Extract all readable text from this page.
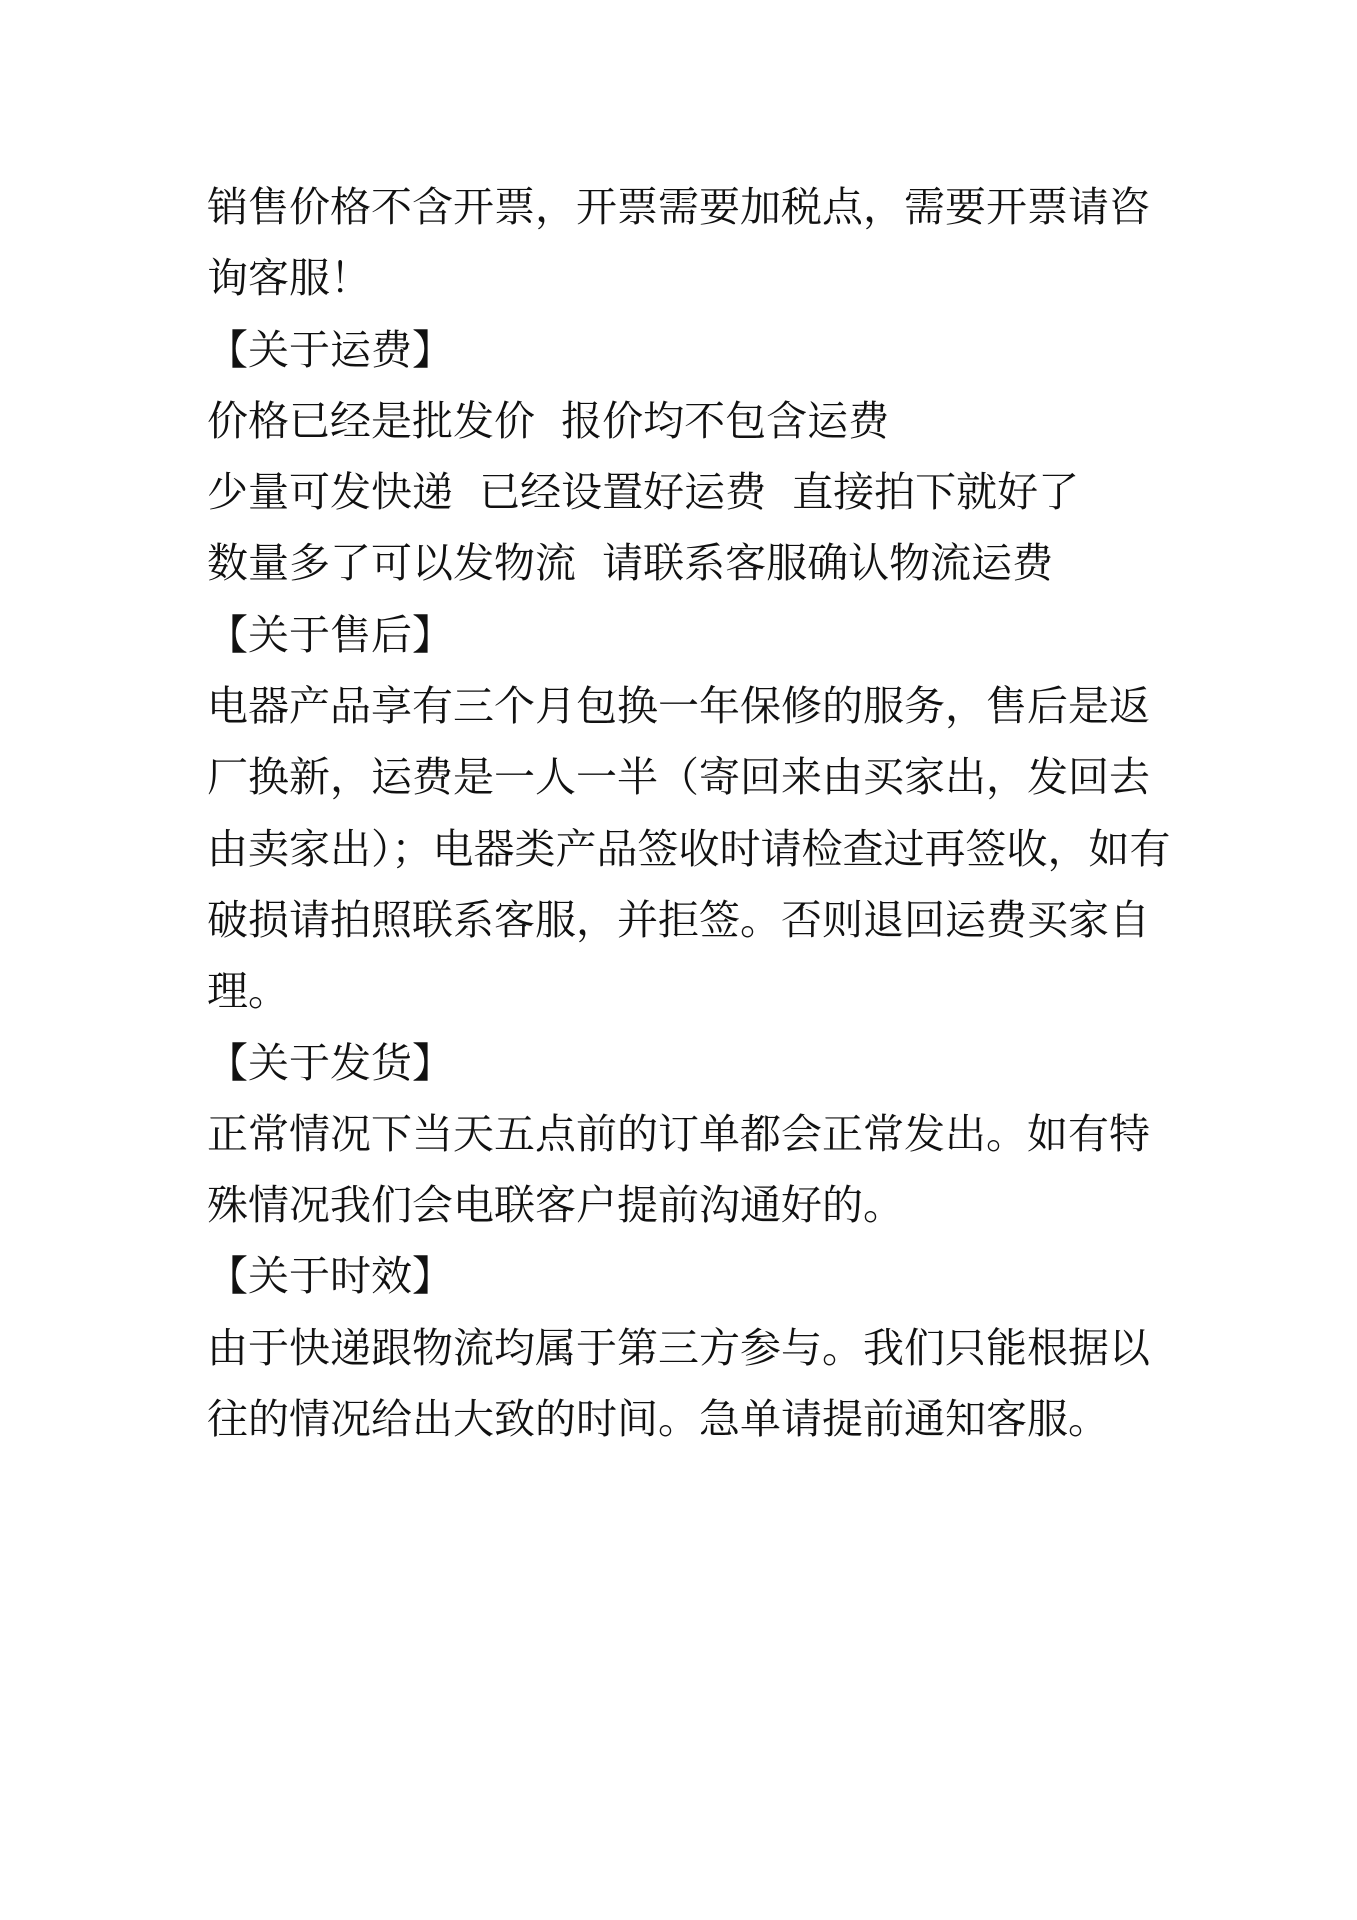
销售价格不含开票，开票需要加税点，需要开票请咨
询客服！
【关于运费】
价格已经是批发价  报价均不包含运费
少量可发快递  已经设置好运费  直接拍下就好了
数量多了可以发物流  请联系客服确认物流运费
【关于售后】
电器产品享有三个月包换一年保修的服务，售后是返
厂换新，运费是一人一半（寄回来由买家出，发回去
由卖家出）；电器类产品签收时请检查过再签收，如有
破损请拍照联系客服，并拒签。否则退回运费买家自
理。
【关于发货】
正常情况下当天五点前的订单都会正常发出。如有特
殊情况我们会电联客户提前沟通好的。
【关于时效】
由于快递跟物流均属于第三方参与。我们只能根据以
往的情况给出大致的时间。急单请提前通知客服。
